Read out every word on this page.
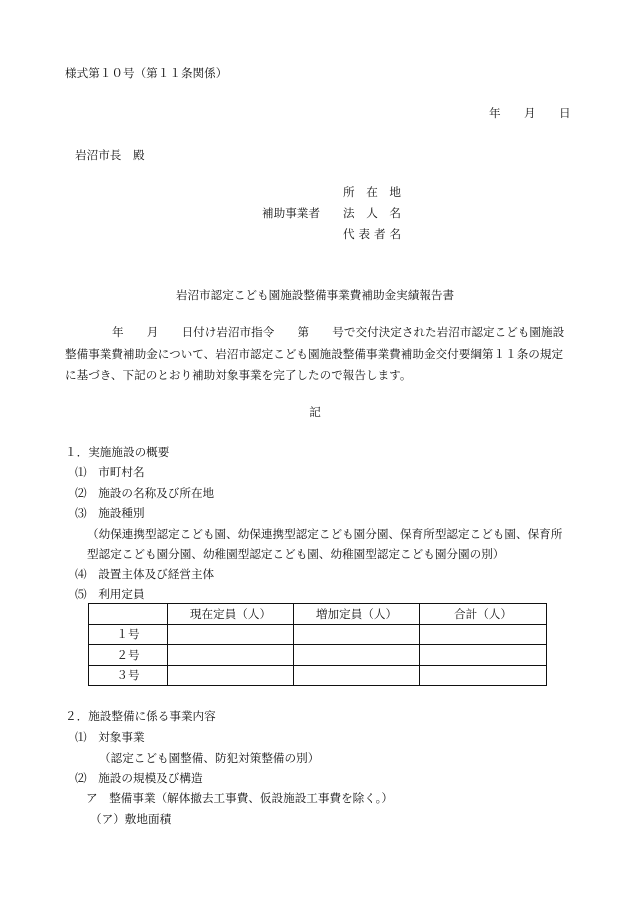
様式第１０号（第１１条関係）
年 月 日
岩沼市長　殿
所　在　地
補助事業者 法　人　名
代表者名
岩沼市認定こども園施設整備事業費補助金実績報告書
年　　月　　日付け岩沼市指令　　第　　号で交付決定された岩沼市認定こども園施設
整備事業費補助金について、岩沼市認定こども園施設整備事業費補助金交付要綱第１１条の規定
に基づき、下記のとおり補助対象事業を完了したので報告します。
記
１．実施施設の概要
⑴　市町村名
⑵　施設の名称及び所在地
⑶　施設種別
（幼保連携型認定こども園、幼保連携型認定こども園分園、保育所型認定こども園、保育所
型認定こども園分園、幼稚園型認定こども園、幼稚園型認定こども園分園の別）
⑷　設置主体及び経営主体
⑸　利用定員
	現在定員（人）	増加定員（人）	合計（人）
１号			
２号			
３号			
２．施設整備に係る事業内容
⑴　対象事業
（認定こども園整備、防犯対策整備の別）
⑵　施設の規模及び構造
ア　整備事業（解体撤去工事費、仮設施設工事費を除く。）
（ア）敷地面積
